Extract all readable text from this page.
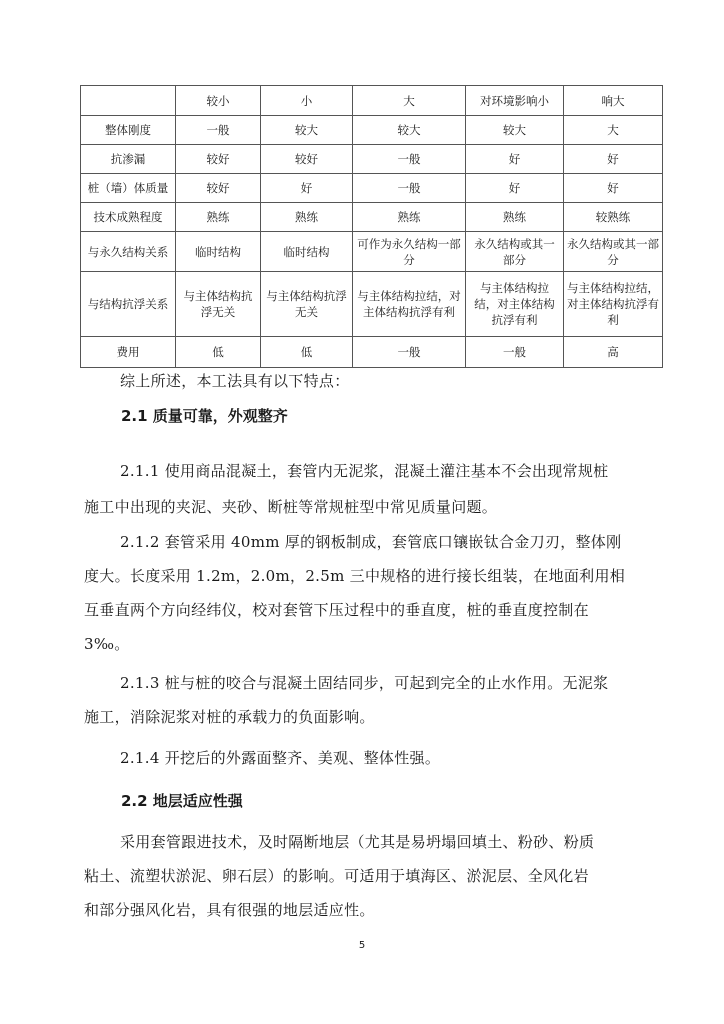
	较小	小	大	对环境影响小	响大
整体刚度	一般	较大	较大	较大	大
抗渗漏	较好	较好	一般	好	好
桩（墙）体质量	较好	好	一般	好	好
技术成熟程度	熟练	熟练	熟练	熟练	较熟练
与永久结构关系	临时结构	临时结构	可作为永久结构一部分	永久结构或其一部分	永久结构或其一部分
与结构抗浮关系	与主体结构抗浮无关	与主体结构抗浮无关	与主体结构拉结，对主体结构抗浮有利	与主体结构拉结，对主体结构抗浮有利	与主体结构拉结，对主体结构抗浮有利
费用	低	低	一般	一般	高

综上所述，本工法具有以下特点：

2.1 质量可靠，外观整齐

2.1.1 使用商品混凝土，套管内无泥浆，混凝土灌注基本不会出现常规桩
施工中出现的夹泥、夹砂、断桩等常规桩型中常见质量问题。

2.1.2 套管采用 40mm 厚的钢板制成，套管底口镶嵌钛合金刀刃，整体刚
度大。长度采用 1.2m，2.0m，2.5m 三中规格的进行接长组装，在地面利用相
互垂直两个方向经纬仪，校对套管下压过程中的垂直度，桩的垂直度控制在
3‰。

2.1.3 桩与桩的咬合与混凝土固结同步，可起到完全的止水作用。无泥浆
施工，消除泥浆对桩的承载力的负面影响。

2.1.4 开挖后的外露面整齐、美观、整体性强。

2.2 地层适应性强

采用套管跟进技术，及时隔断地层（尤其是易坍塌回填土、粉砂、粉质
粘土、流塑状淤泥、卵石层）的影响。可适用于填海区、淤泥层、全风化岩
和部分强风化岩，具有很强的地层适应性。

5
